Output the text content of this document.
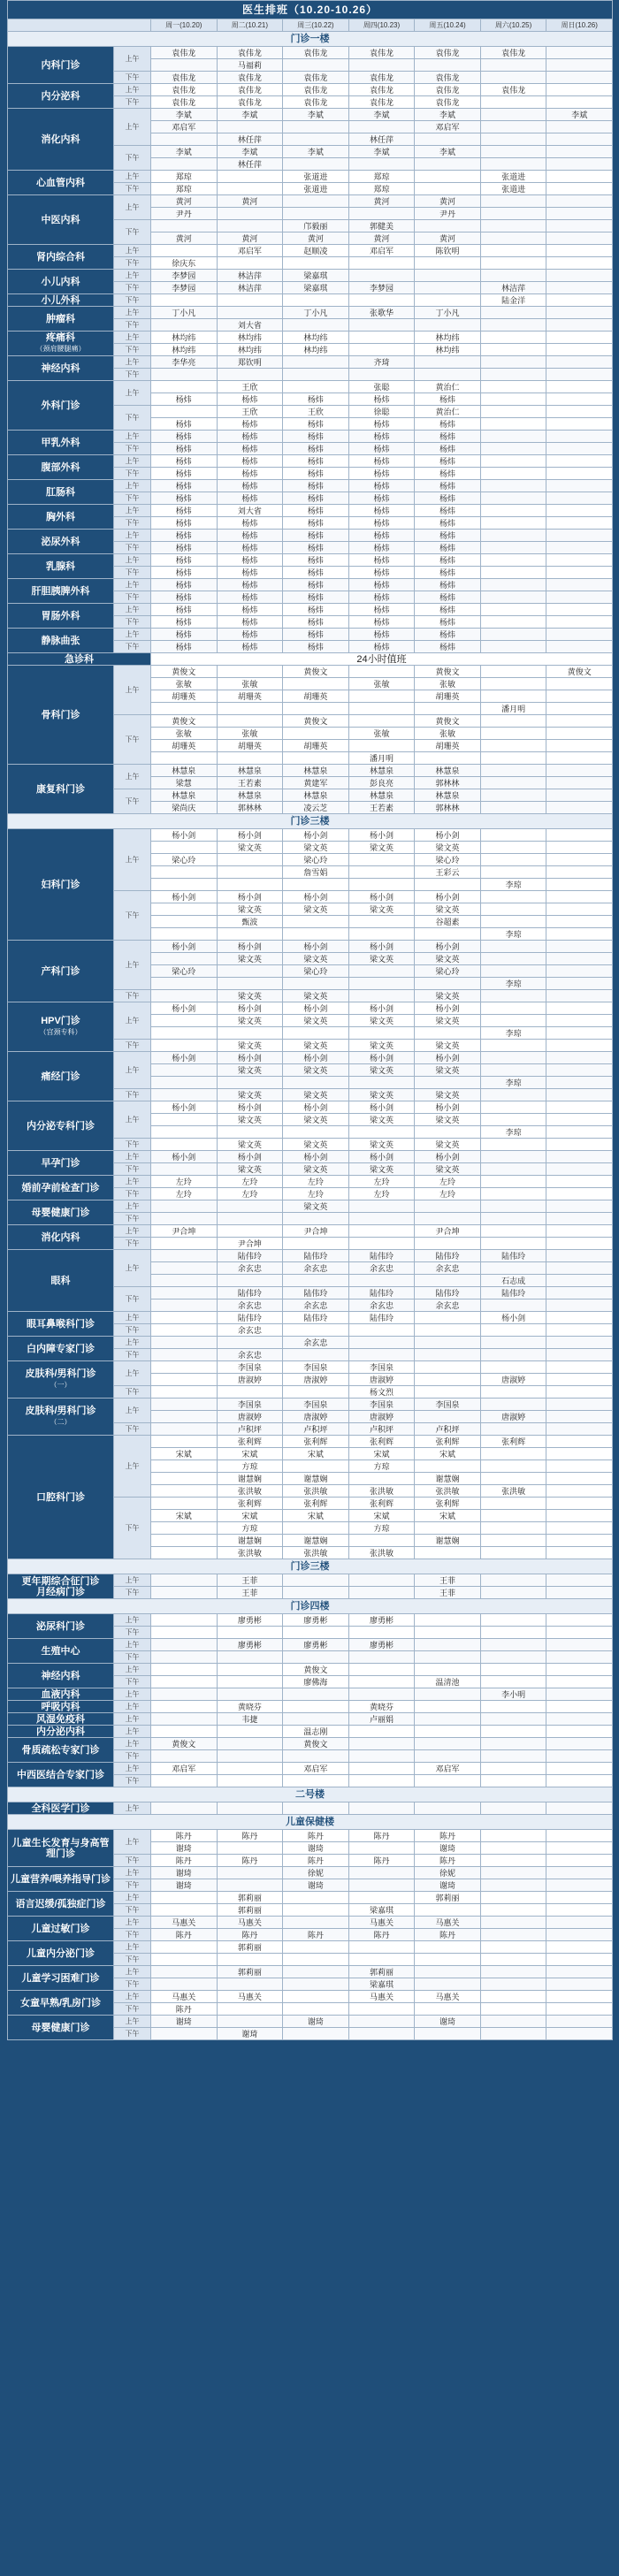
医生排班（10.20-10.26）								
		周一(10.20)	周二(10.21)	周三(10.22)	周四(10.23)	周五(10.24)	周六(10.25)	周日(10.26)
门诊一楼								
内科门诊	上午	袁伟龙	袁伟龙	袁伟龙	袁伟龙	袁伟龙	袁伟龙	
			马福莉					
	下午	袁伟龙	袁伟龙	袁伟龙	袁伟龙	袁伟龙		
内分泌科	上午	袁伟龙	袁伟龙	袁伟龙	袁伟龙	袁伟龙	袁伟龙	
	下午	袁伟龙	袁伟龙	袁伟龙	袁伟龙	袁伟龙		
消化内科	上午	李斌	李斌	李斌	李斌	李斌		李斌
		邓启军				邓启军		
			林任萍		林任萍			
	下午	李斌	李斌	李斌	李斌	李斌		
			林任萍					
心血管内科	上午	郑琼		张道进	郑琼		张道进	
	下午	郑琼		张道进	郑琼		张道进	
中医内科	上午	黄河	黄河		黄河	黄河		
		尹丹				尹丹		
	下午			邝毅丽	郭健美			
		黄河	黄河	黄河	黄河	黄河		
肾内综合科	上午		邓启军	赵顺凌	邓启军	陈钦明		
	下午	徐庆东						
小儿内科	上午	李梦园	林洁萍	梁嘉琪				
	下午	李梦园	林洁萍	梁嘉琪	李梦园		林洁萍	
小儿外科	下午						陆金洋	
肿瘤科	上午	丁小凡		丁小凡	张歌华	丁小凡		
	下午		刘大省					
疼痛科
（颈肩腰腿痛）	上午	林均纬	林均纬	林均纬		林均纬		
	下午	林均纬	林均纬	林均纬		林均纬		
神经内科	上午	李华亮	郑钦明		齐琦			
	下午							
外科门诊	上午		王欣		张聪	黄治仁		
		杨炜	杨炜	杨炜	杨炜	杨炜		
	下午		王欣	王欣	徐聪	黄治仁		
		杨炜	杨炜	杨炜	杨炜	杨炜		
甲乳外科	上午	杨炜	杨炜	杨炜	杨炜	杨炜		
	下午	杨炜	杨炜	杨炜	杨炜	杨炜		
腹部外科	上午	杨炜	杨炜	杨炜	杨炜	杨炜		
	下午	杨炜	杨炜	杨炜	杨炜	杨炜		
肛肠科	上午	杨炜	杨炜	杨炜	杨炜	杨炜		
	下午	杨炜	杨炜	杨炜	杨炜	杨炜		
胸外科	上午	杨炜	刘大省	杨炜	杨炜	杨炜		
	下午	杨炜	杨炜	杨炜	杨炜	杨炜		
泌尿外科	上午	杨炜	杨炜	杨炜	杨炜	杨炜		
	下午	杨炜	杨炜	杨炜	杨炜	杨炜		
乳腺科	上午	杨炜	杨炜	杨炜	杨炜	杨炜		
	下午	杨炜	杨炜	杨炜	杨炜	杨炜		
肝胆胰脾外科	上午	杨炜	杨炜	杨炜	杨炜	杨炜		
	下午	杨炜	杨炜	杨炜	杨炜	杨炜		
胃肠外科	上午	杨炜	杨炜	杨炜	杨炜	杨炜		
	下午	杨炜	杨炜	杨炜	杨炜	杨炜		
静脉曲张	上午	杨炜	杨炜	杨炜	杨炜	杨炜		
	下午	杨炜	杨炜	杨炜	杨炜	杨炜		
急诊科		24小时值班						
骨科门诊	上午	黄俊文		黄俊文		黄俊文		黄俊文
		张敏	张敏		张敏	张敏		
		胡珊英	胡珊英	胡珊英		胡珊英		
							潘月明	
	下午	黄俊文		黄俊文		黄俊文		
		张敏	张敏		张敏	张敏		
		胡珊英	胡珊英	胡珊英		胡珊英		
					潘月明			
康复科门诊	上午	林慧泉	林慧泉	林慧泉	林慧泉	林慧泉		
		梁慧	王若素	黄建军	彭良亮	郭林林		
	下午	林慧泉	林慧泉	林慧泉	林慧泉	林慧泉		
		梁尚庆	郭林林	凌云芝	王若素	郭林林		
门诊三楼								
妇科门诊	上午	杨小剑	杨小剑	杨小剑	杨小剑	杨小剑		
			梁文英	梁文英	梁文英	梁文英		
		梁心玲		梁心玲		梁心玲		
				詹雪娟		王彩云		
							李琼	
	下午	杨小剑	杨小剑	杨小剑	杨小剑	杨小剑		
			梁文英	梁文英	梁文英	梁文英		
			甄波			谷超素		
							李琼	
产科门诊	上午	杨小剑	杨小剑	杨小剑	杨小剑	杨小剑		
			梁文英	梁文英	梁文英	梁文英		
		梁心玲		梁心玲		梁心玲		
							李琼	
	下午		梁文英	梁文英		梁文英		
HPV门诊
（宫颈专科）	上午	杨小剑	杨小剑	杨小剑	杨小剑	杨小剑		
			梁文英	梁文英	梁文英	梁文英		
							李琼	
	下午		梁文英	梁文英	梁文英	梁文英		
痛经门诊	上午	杨小剑	杨小剑	杨小剑	杨小剑	杨小剑		
			梁文英	梁文英	梁文英	梁文英		
							李琼	
	下午		梁文英	梁文英	梁文英	梁文英		
内分泌专科门诊	上午	杨小剑	杨小剑	杨小剑	杨小剑	杨小剑		
			梁文英	梁文英	梁文英	梁文英		
							李琼	
	下午		梁文英	梁文英	梁文英	梁文英		
早孕门诊	上午	杨小剑	杨小剑	杨小剑	杨小剑	杨小剑		
	下午		梁文英	梁文英	梁文英	梁文英		
婚前孕前检查门诊	上午	左玲	左玲	左玲	左玲	左玲		
	下午	左玲	左玲	左玲	左玲	左玲		
母婴健康门诊	上午			梁文英				
	下午							
消化内科	上午	尹合坤		尹合坤		尹合坤		
	下午		尹合坤					
眼科	上午		陆伟玲	陆伟玲	陆伟玲	陆伟玲	陆伟玲	
			余玄忠	余玄忠	余玄忠	余玄忠		
							石志成	
	下午		陆伟玲	陆伟玲	陆伟玲	陆伟玲	陆伟玲	
			余玄忠	余玄忠	余玄忠	余玄忠		
眼耳鼻喉科门诊	上午		陆伟玲	陆伟玲	陆伟玲		杨小剑	
	下午		余玄忠					
白内障专家门诊	上午			余玄忠				
	下午		余玄忠					
皮肤科/男科门诊
（一）	上午		李国泉	李国泉	李国泉			
			唐淑婷	唐淑婷	唐淑婷		唐淑婷	
	下午				杨文烈			
皮肤科/男科门诊
（二）	上午		李国泉	李国泉	李国泉	李国泉		
			唐淑婷	唐淑婷	唐淑婷		唐淑婷	
	下午		卢积坪	卢积坪	卢积坪	卢积坪		
口腔科门诊	上午		张利辉	张利辉	张利辉	张利辉	张利辉	
		宋斌	宋斌	宋斌	宋斌	宋斌		
			方琼		方琼			
			谢慧娴	谢慧娴		谢慧娴		
			张洪敏	张洪敏	张洪敏	张洪敏	张洪敏	
	下午		张利辉	张利辉	张利辉	张利辉		
		宋斌	宋斌	宋斌	宋斌	宋斌		
			方琼		方琼			
			谢慧娴	谢慧娴		谢慧娴		
			张洪敏	张洪敏	张洪敏			
门诊三楼								
更年期综合征门诊
月经病门诊	上午		王菲			王菲		
	下午		王菲			王菲		
门诊四楼								
泌尿科门诊	上午		廖勇彬	廖勇彬	廖勇彬			
	下午							
生殖中心	上午		廖勇彬	廖勇彬	廖勇彬			
	下午							
神经内科	上午			黄俊文				
	下午			廖佛海		温清池		
血液内科	上午						李小明	
呼吸内科	上午		黄晓芬		黄晓芬			
风湿免疫科	上午		韦捷		卢丽娟			
内分泌内科	上午			温志刚				
骨质疏松专家门诊	上午	黄俊文		黄俊文				
	下午							
中西医结合专家门诊	上午	邓启军		邓启军		邓启军		
	下午							
二号楼								
全科医学门诊	上午							
儿童保健楼								
儿童生长发育与身高管理门诊	上午	陈丹	陈丹	陈丹	陈丹	陈丹		
		谢琦		谢琦		谢琦		
	下午	陈丹	陈丹	陈丹	陈丹	陈丹		
儿童营养/喂养指导门诊	上午	谢琦		徐妮		徐妮		
	下午	谢琦		谢琦		谢琦		
语言迟缓/孤独症门诊	上午		郭莉丽			郭莉丽		
	下午		郭莉丽		梁嘉琪			
儿童过敏门诊	上午	马惠关	马惠关		马惠关	马惠关		
	下午	陈丹	陈丹	陈丹	陈丹	陈丹		
儿童内分泌门诊	上午		郭莉丽					
	下午							
儿童学习困难门诊	上午		郭莉丽		郭莉丽			
	下午				梁嘉琪			
女童早熟/乳房门诊	上午	马惠关	马惠关		马惠关	马惠关		
	下午	陈丹						
母婴健康门诊	上午	谢琦		谢琦		谢琦		
	下午		谢琦					
